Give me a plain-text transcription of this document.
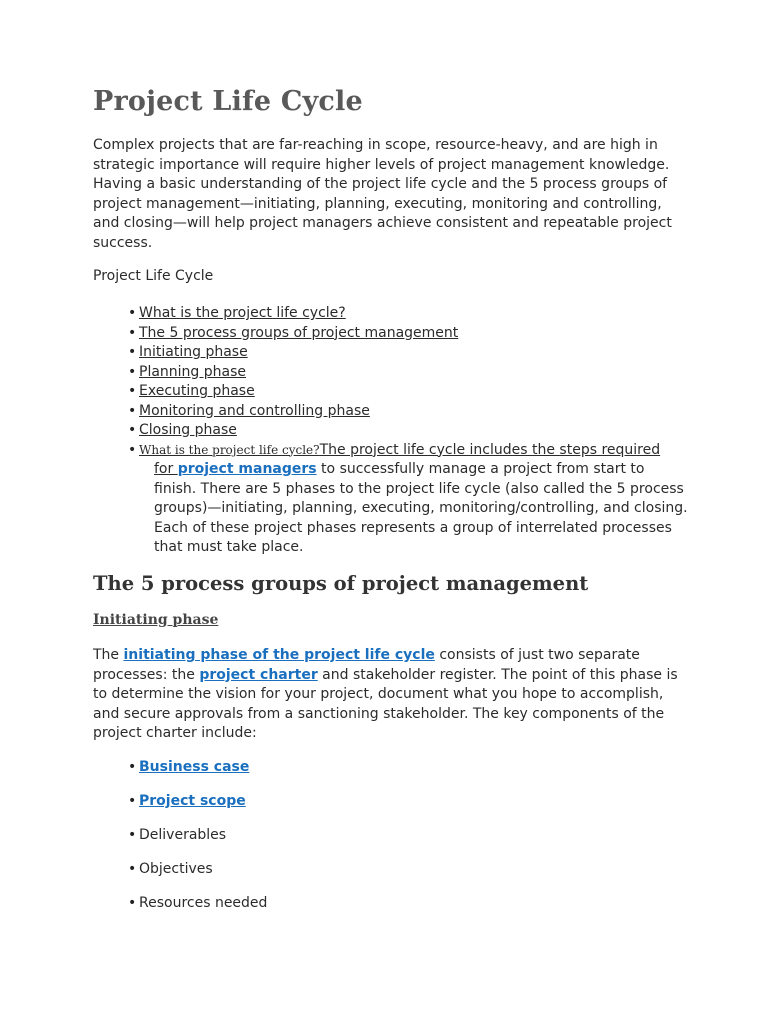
Project Life Cycle

Complex projects that are far-reaching in scope, resource-heavy, and are high in strategic importance will require higher levels of project management knowledge. Having a basic understanding of the project life cycle and the 5 process groups of project management—initiating, planning, executing, monitoring and controlling, and closing—will help project managers achieve consistent and repeatable project success.

Project Life Cycle

• What is the project life cycle?
• The 5 process groups of project management
• Initiating phase
• Planning phase
• Executing phase
• Monitoring and controlling phase
• Closing phase
• What is the project life cycle?The project life cycle includes the steps required
for project managers to successfully manage a project from start to finish. There are 5 phases to the project life cycle (also called the 5 process groups)—initiating, planning, executing, monitoring/controlling, and closing. Each of these project phases represents a group of interrelated processes that must take place.
The 5 process groups of project management
Initiating phase

The initiating phase of the project life cycle consists of just two separate processes: the project charter and stakeholder register. The point of this phase is to determine the vision for your project, document what you hope to accomplish, and secure approvals from a sanctioning stakeholder. The key components of the project charter include:

• Business case
• Project scope
• Deliverables
• Objectives
• Resources needed
